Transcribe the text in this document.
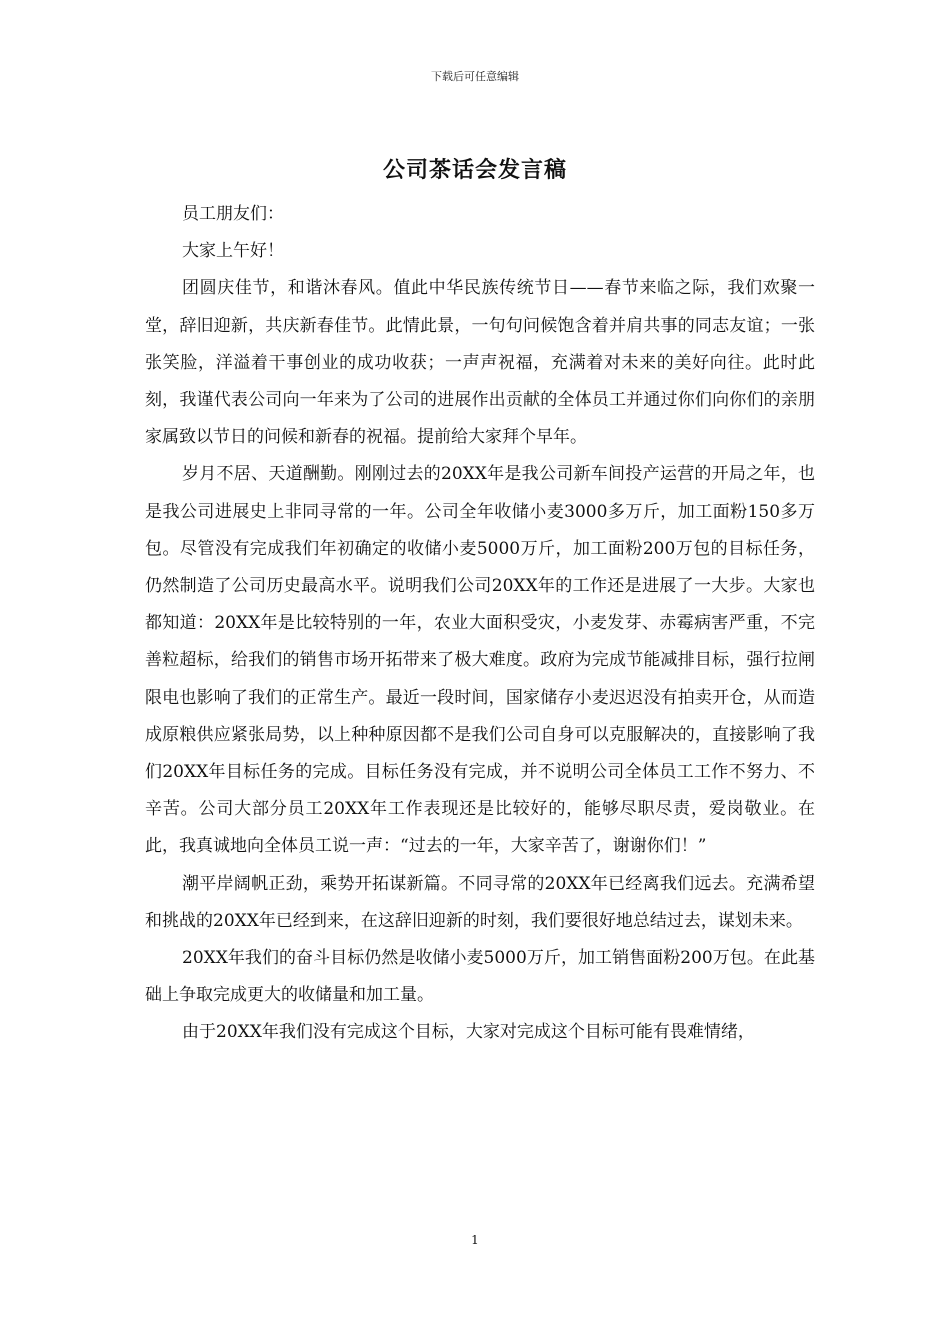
下载后可任意编辑
公司茶话会发言稿

员工朋友们：

大家上午好！

团圆庆佳节，和谐沐春风。值此中华民族传统节日——春节来临之际，我们欢聚一堂，辞旧迎新，共庆新春佳节。此情此景，一句句问候饱含着并肩共事的同志友谊；一张张笑脸，洋溢着干事创业的成功收获；一声声祝福，充满着对未来的美好向往。此时此刻，我谨代表公司向一年来为了公司的进展作出贡献的全体员工并通过你们向你们的亲朋家属致以节日的问候和新春的祝福。提前给大家拜个早年。

岁月不居、天道酬勤。刚刚过去的20XX年是我公司新车间投产运营的开局之年，也是我公司进展史上非同寻常的一年。公司全年收储小麦3000多万斤，加工面粉150多万包。尽管没有完成我们年初确定的收储小麦5000万斤，加工面粉200万包的目标任务，仍然制造了公司历史最高水平。说明我们公司20XX年的工作还是进展了一大步。大家也都知道：20XX年是比较特别的一年，农业大面积受灾，小麦发芽、赤霉病害严重，不完善粒超标，给我们的销售市场开拓带来了极大难度。政府为完成节能减排目标，强行拉闸限电也影响了我们的正常生产。最近一段时间，国家储存小麦迟迟没有拍卖开仓，从而造成原粮供应紧张局势，以上种种原因都不是我们公司自身可以克服解决的，直接影响了我们20XX年目标任务的完成。目标任务没有完成，并不说明公司全体员工工作不努力、不辛苦。公司大部分员工20XX年工作表现还是比较好的，能够尽职尽责，爱岗敬业。在此，我真诚地向全体员工说一声：“过去的一年，大家辛苦了，谢谢你们！”

潮平岸阔帆正劲，乘势开拓谋新篇。不同寻常的20XX年已经离我们远去。充满希望和挑战的20XX年已经到来，在这辞旧迎新的时刻，我们要很好地总结过去，谋划未来。

20XX年我们的奋斗目标仍然是收储小麦5000万斤，加工销售面粉200万包。在此基础上争取完成更大的收储量和加工量。

由于20XX年我们没有完成这个目标，大家对完成这个目标可能有畏难情绪，

1
